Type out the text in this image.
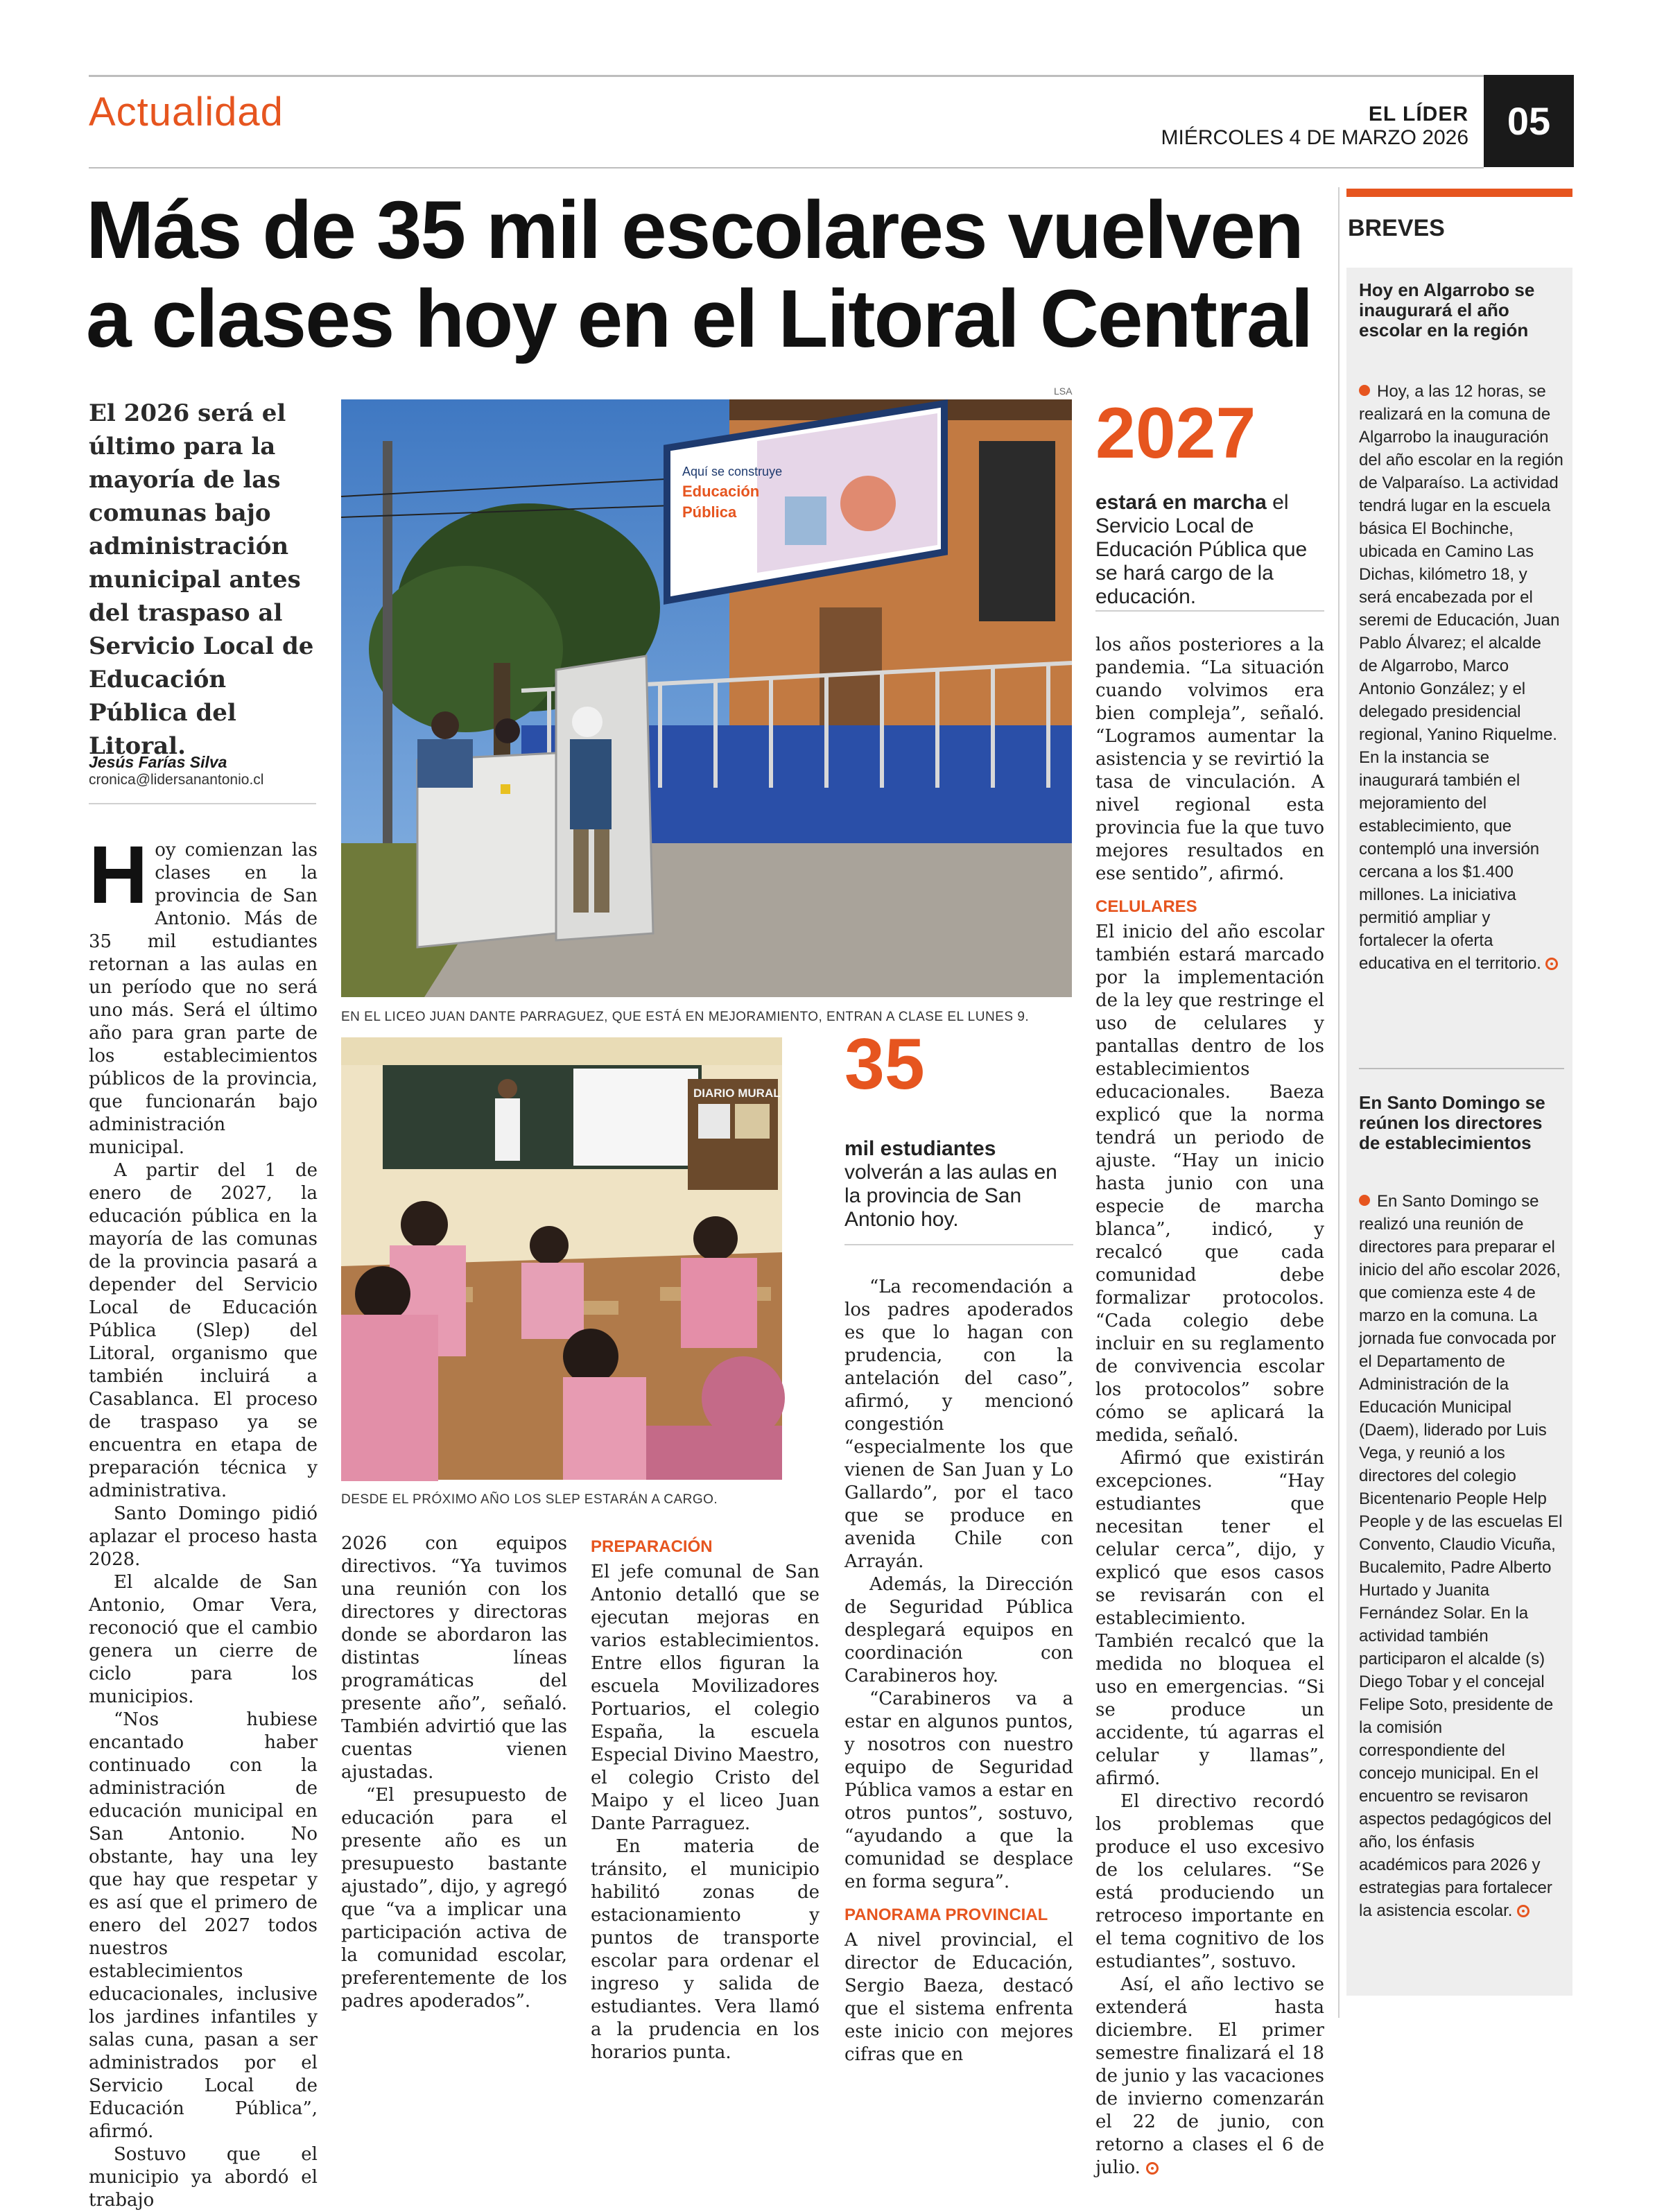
Actualidad	EL LÍDER
MIÉRCOLES 4 DE MARZO 2026 05
Más de 35 mil escolares vuelven
a clases hoy en el Litoral Central
El 2026 será el último para la mayoría de las comunas bajo administración municipal antes del traspaso al Servicio Local de Educación Pública del Litoral.
Jesús Farías Silva
cronica@lidersanantonio.cl

Hoy comienzan las clases en la provincia de San Antonio. Más de 35 mil estudiantes retornan a las aulas en un período que no será uno más. Será el último año para gran parte de los establecimientos públicos de la provincia, que funcionarán bajo administración municipal.

A partir del 1 de enero de 2027, la educación pública en la mayoría de las comunas de la provincia pasará a depender del Servicio Local de Educación Pública (Slep) del Litoral, organismo que también incluirá a Casablanca. El proceso de traspaso ya se encuentra en etapa de preparación técnica y administrativa.

Santo Domingo pidió aplazar el proceso hasta 2028.

El alcalde de San Antonio, Omar Vera, reconoció que el cambio genera un cierre de ciclo para los municipios.

“Nos hubiese encantado haber continuado con la administración de educación municipal en San Antonio. No obstante, hay una ley que hay que respetar y es así que el primero de enero del 2027 todos nuestros establecimientos educacionales, inclusive los jardines infantiles y salas cuna, pasan a ser administrados por el Servicio Local de Educación Pública”, afirmó.

Sostuvo que el municipio ya abordó el trabajo

LSA
Aquí se construye
Educación
Pública
EN EL LICEO JUAN DANTE PARRAGUEZ, QUE ESTÁ EN MEJORAMIENTO, ENTRAN A CLASE EL LUNES 9.
DIARIO MURAL
DESDE EL PRÓXIMO AÑO LOS SLEP ESTARÁN A CARGO.

2026 con equipos directivos. “Ya tuvimos una reunión con los directores y directoras donde se abordaron las distintas líneas programáticas del presente año”, señaló. También advirtió que las cuentas vienen ajustadas.

“El presupuesto de educación para el presente año es un presupuesto bastante ajustado”, dijo, y agregó que “va a implicar una participación activa de la comunidad escolar, preferentemente de los padres apoderados”.

PREPARACIÓN

El jefe comunal de San Antonio detalló que se ejecutan mejoras en varios establecimientos. Entre ellos figuran la escuela Movilizadores Portuarios, el colegio España, la escuela Especial Divino Maestro, el colegio Cristo del Maipo y el liceo Juan Dante Parraguez.

En materia de tránsito, el municipio habilitó zonas de estacionamiento y puntos de transporte escolar para ordenar el ingreso y salida de estudiantes. Vera llamó a la prudencia en los horarios punta.

35
mil estudiantes volverán a las aulas en la provincia de San Antonio hoy.

“La recomendación a los padres apoderados es que lo hagan con prudencia, con la antelación del caso”, afirmó, y mencionó congestión “especialmente los que vienen de San Juan y Lo Gallardo”, por el taco que se produce en avenida Chile con Arrayán.

Además, la Dirección de Seguridad Pública desplegará equipos en coordinación con Carabineros hoy.

“Carabineros va a estar en algunos puntos, y nosotros con nuestro equipo de Seguridad Pública vamos a estar en otros puntos”, sostuvo, “ayudando a que la comunidad se desplace en forma segura”.

PANORAMA PROVINCIAL

A nivel provincial, el director de Educación, Sergio Baeza, destacó que el sistema enfrenta este inicio con mejores cifras que en

2027
estará en marcha el Servicio Local de Educación Pública que se hará cargo de la educación.

los años posteriores a la pandemia. “La situación cuando volvimos era bien compleja”, señaló. “Logramos aumentar la asistencia y se revirtió la tasa de vinculación. A nivel regional esta provincia fue la que tuvo mejores resultados en ese sentido”, afirmó.

CELULARES

El inicio del año escolar también estará marcado por la implementación de la ley que restringe el uso de celulares y pantallas dentro de los establecimientos educacionales. Baeza explicó que la norma tendrá un periodo de ajuste. “Hay un inicio hasta junio con una especie de marcha blanca”, indicó, y recalcó que cada comunidad debe formalizar protocolos. “Cada colegio debe incluir en su reglamento de convivencia escolar los protocolos” sobre cómo se aplicará la medida, señaló.

Afirmó que existirán excepciones. “Hay estudiantes que necesitan tener el celular cerca”, dijo, y explicó que esos casos se revisarán con el establecimiento. También recalcó que la medida no bloquea el uso en emergencias. “Si se produce un accidente, tú agarras el celular y llamas”, afirmó.

El directivo recordó los problemas que produce el uso excesivo de los celulares. “Se está produciendo un retroceso importante en el tema cognitivo de los estudiantes”, sostuvo.

Así, el año lectivo se extenderá hasta diciembre. El primer semestre finalizará el 18 de junio y las vacaciones de invierno comenzarán el 22 de junio, con retorno a clases el 6 de julio.

BREVES
Hoy en Algarrobo se inaugurará el año escolar en la región
Hoy, a las 12 horas, se realizará en la comuna de Algarrobo la inauguración del año escolar en la región de Valparaíso. La actividad tendrá lugar en la escuela básica El Bochinche, ubicada en Camino Las Dichas, kilómetro 18, y será encabezada por el seremi de Educación, Juan Pablo Álvarez; el alcalde de Algarrobo, Marco Antonio González; y el delegado presidencial regional, Yanino Riquelme. En la instancia se inaugurará también el mejoramiento del establecimiento, que contempló una inversión cercana a los $1.400 millones. La iniciativa permitió ampliar y fortalecer la oferta educativa en el territorio.
En Santo Domingo se reúnen los directores de establecimientos
En Santo Domingo se realizó una reunión de directores para preparar el inicio del año escolar 2026, que comienza este 4 de marzo en la comuna. La jornada fue convocada por el Departamento de Administración de la Educación Municipal (Daem), liderado por Luis Vega, y reunió a los directores del colegio Bicentenario People Help People y de las escuelas El Convento, Claudio Vicuña, Bucalemito, Padre Alberto Hurtado y Juanita Fernández Solar. En la actividad también participaron el alcalde (s) Diego Tobar y el concejal Felipe Soto, presidente de la comisión correspondiente del concejo municipal. En el encuentro se revisaron aspectos pedagógicos del año, los énfasis académicos para 2026 y estrategias para fortalecer la asistencia escolar.
